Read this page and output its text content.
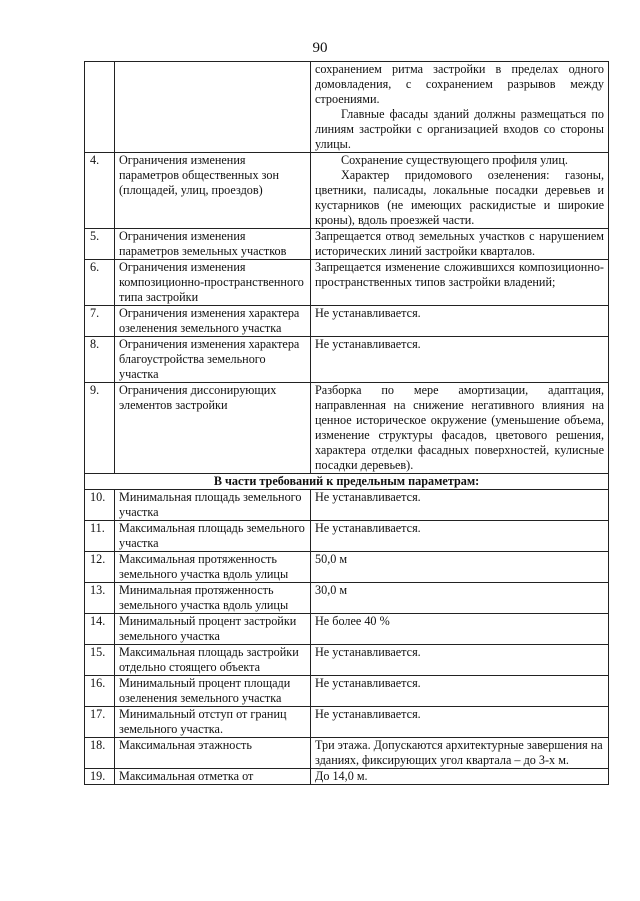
90

		сохранением ритма застройки в пределах одного домовладения, с сохранением разрывов между строениями.

Главные фасады зданий должны размещаться по линиям застройки с организацией входов со стороны улицы.

4.	Ограничения изменения параметров общественных зон (площадей, улиц, проездов)	Сохранение существующего профиля улиц.

Характер придомового озеленения: газоны, цветники, палисады, локальные посадки деревьев и кустарников (не имеющих раскидистые и широкие кроны), вдоль проезжей части.

5.	Ограничения изменения параметров земельных участков	Запрещается отвод земельных участков с нарушением исторических линий застройки кварталов.

6.	Ограничения изменения композиционно-пространственного типа застройки	Запрещается изменение сложившихся композиционно-пространственных типов застройки владений;

7.	Ограничения изменения характера озеленения земельного участка	Не устанавливается.

8.	Ограничения изменения характера благоустройства земельного участка	Не устанавливается.

9.	Ограничения диссонирующих элементов застройки	Разборка по мере амортизации, адаптация, направленная на снижение негативного влияния на ценное историческое окружение (уменьшение объема, изменение структуры фасадов, цветового решения, характера отделки фасадных поверхностей, кулисные посадки деревьев).

В части требований к предельным параметрам:		
10.	Минимальная площадь земельного участка	Не устанавливается.
11.	Максимальная площадь земельного участка	Не устанавливается.
12.	Максимальная протяженность земельного участка вдоль улицы	50,0 м
13.	Минимальная протяженность земельного участка вдоль улицы	30,0 м
14.	Минимальный процент застройки земельного участка	Не более 40 %
15.	Максимальная площадь застройки отдельно стоящего объекта	Не устанавливается.
16.	Минимальный процент площади озеленения земельного участка	Не устанавливается.
17.	Минимальный отступ от границ земельного участка.	Не устанавливается.
18.	Максимальная этажность	Три этажа. Допускаются архитектурные завершения на зданиях, фиксирующих угол квартала – до 3-х м.
19.	Максимальная отметка от	До 14,0 м.
